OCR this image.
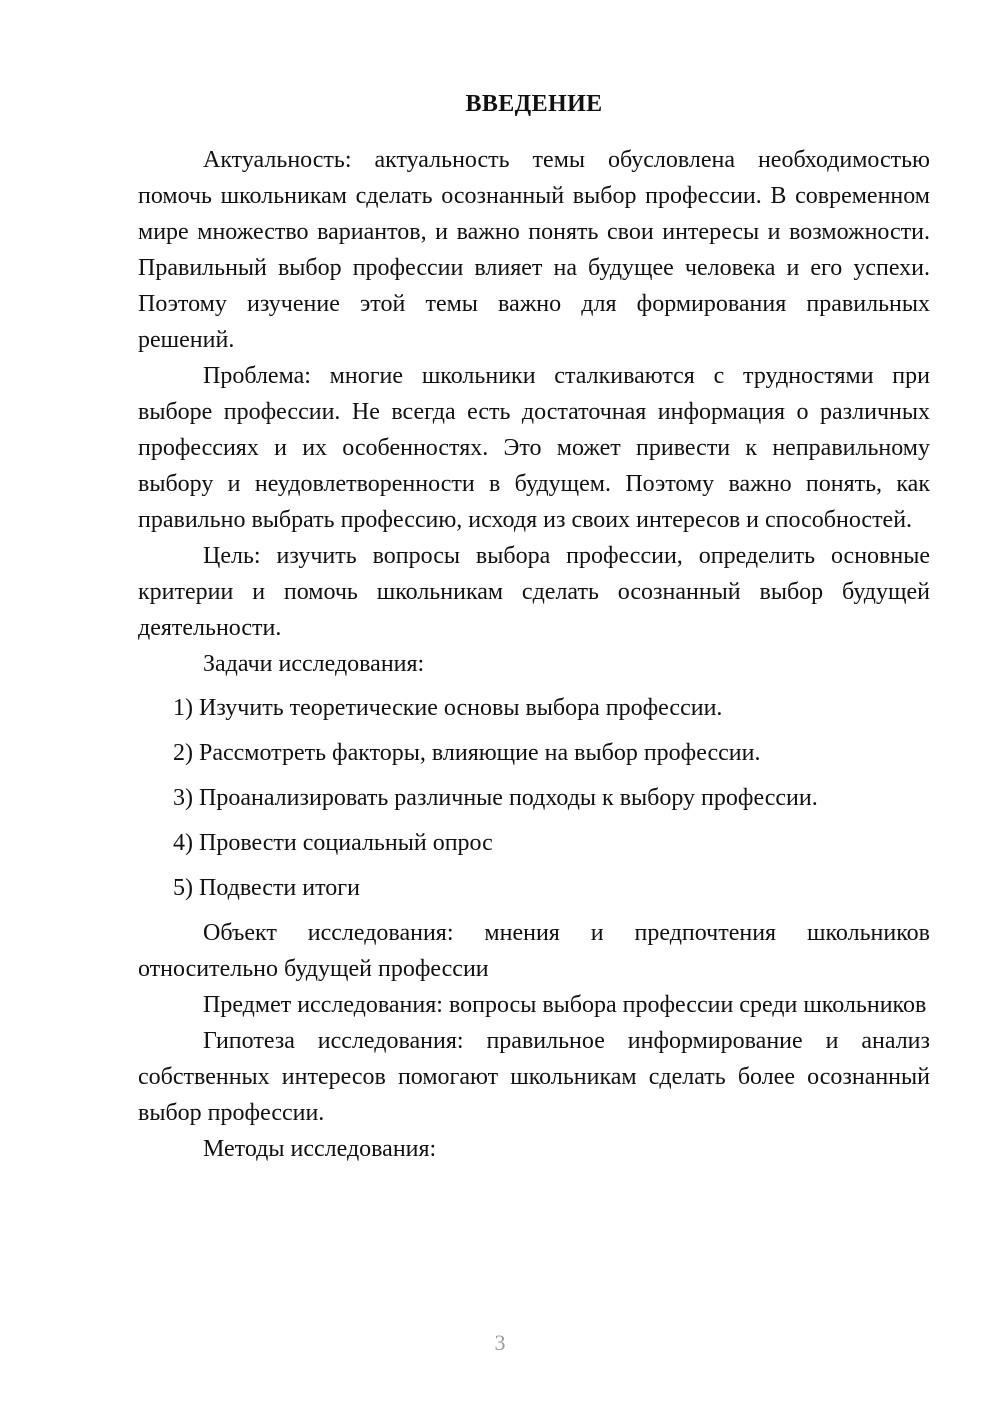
ВВЕДЕНИЕ

Актуальность: актуальность темы обусловлена необходимостью помочь школьникам сделать осознанный выбор профессии. В современном мире множество вариантов, и важно понять свои интересы и возможности. Правильный выбор профессии влияет на будущее человека и его успехи. Поэтому изучение этой темы важно для формирования правильных решений.

Проблема: многие школьники сталкиваются с трудностями при выборе профессии. Не всегда есть достаточная информация о различных профессиях и их особенностях. Это может привести к неправильному выбору и неудовлетворенности в будущем. Поэтому важно понять, как правильно выбрать профессию, исходя из своих интересов и способностей.

Цель: изучить вопросы выбора профессии, определить основные критерии и помочь школьникам сделать осознанный выбор будущей деятельности.

Задачи исследования:

1) Изучить теоретические основы выбора профессии.
2) Рассмотреть факторы, влияющие на выбор профессии.
3) Проанализировать различные подходы к выбору профессии.
4) Провести социальный опрос
5) Подвести итоги

Объект исследования: мнения и предпочтения школьников относительно будущей профессии

Предмет исследования: вопросы выбора профессии среди школьников

Гипотеза исследования: правильное информирование и анализ собственных интересов помогают школьникам сделать более осознанный выбор профессии.

Методы исследования:

3
